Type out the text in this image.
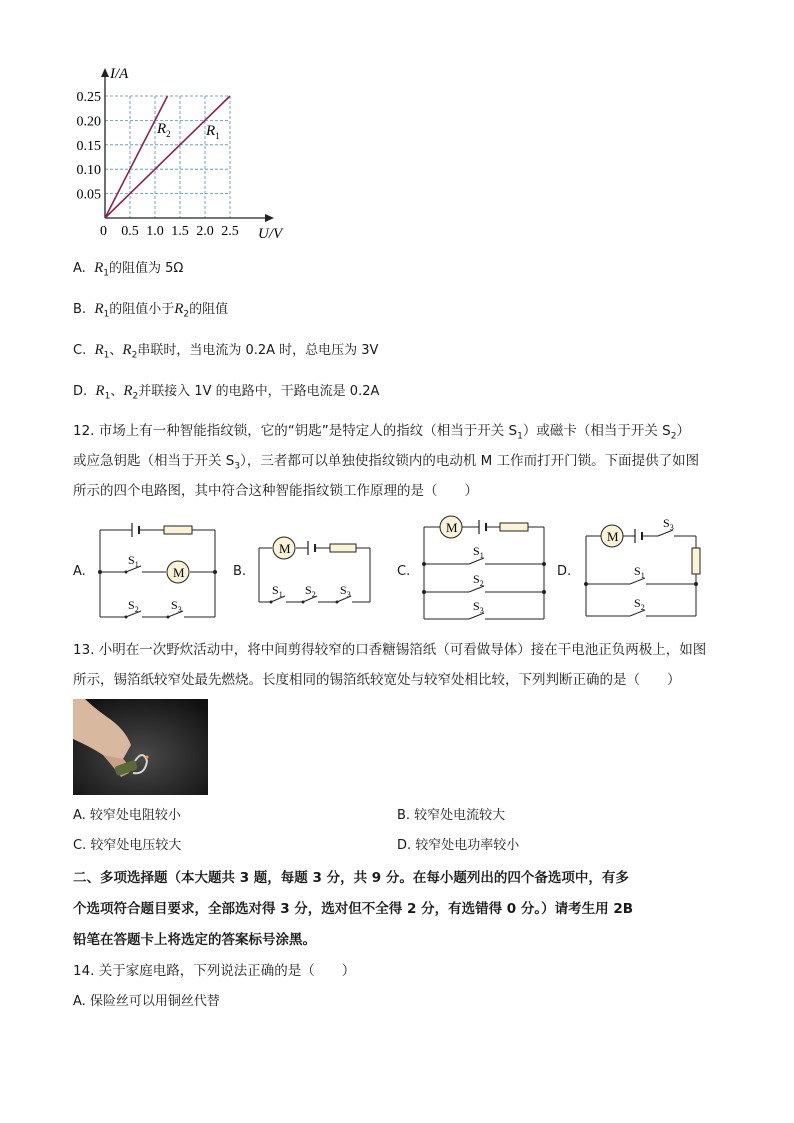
0.5 1.0 1.5 2.0 2.5
0.25
0.20
0.15
0.10
0.05
I/A
U/V
0
$R_2$ $R_1$
A. $R_1$的阻值为 5Ω
B. $R_1$的阻值小于$R_2$的阻值
C. $R_1$、$R_2$串联时，当电流为 0.2A 时，总电压为 3V
D. $R_1$、$R_2$并联接入 1V 的电路中，干路电流是 0.2A
12. 市场上有一种智能指纹锁，它的“钥匙”是特定人的指纹（相当于开关 $S_1$）或磁卡（相当于开关 $S_2$）
或应急钥匙（相当于开关 $S_3$），三者都可以单独使指纹锁内的电动机 M 工作而打开门锁。下面提供了如图
所示的四个电路图，其中符合这种智能指纹锁工作原理的是（　　）
A.	M
$S_1$
$S_2$	$S_3$
B.
M
$S_1$ $S_2$ $S_3$
C.
M
$S_1$
$S_2$
$S_3$
D.
M
$S_3$
$S_1$
$S_2$
13. 小明在一次野炊活动中，将中间剪得较窄的口香糖锡箔纸（可看做导体）接在干电池正负两极上，如图
所示，锡箔纸较窄处最先燃烧。长度相同的锡箔纸较宽处与较窄处相比较，下列判断正确的是（　　）
A. 较窄处电阻较小	B. 较窄处电流较大
C. 较窄处电压较大	D. 较窄处电功率较小
二、多项选择题（本大题共 3 题，每题 3 分，共 9 分。在每小题列出的四个备选项中，有多
个选项符合题目要求，全部选对得 3 分，选对但不全得 2 分，有选错得 0 分。）请考生用 2B
铅笔在答题卡上将选定的答案标号涂黑。
14. 关于家庭电路，下列说法正确的是（　　）
A. 保险丝可以用铜丝代替
